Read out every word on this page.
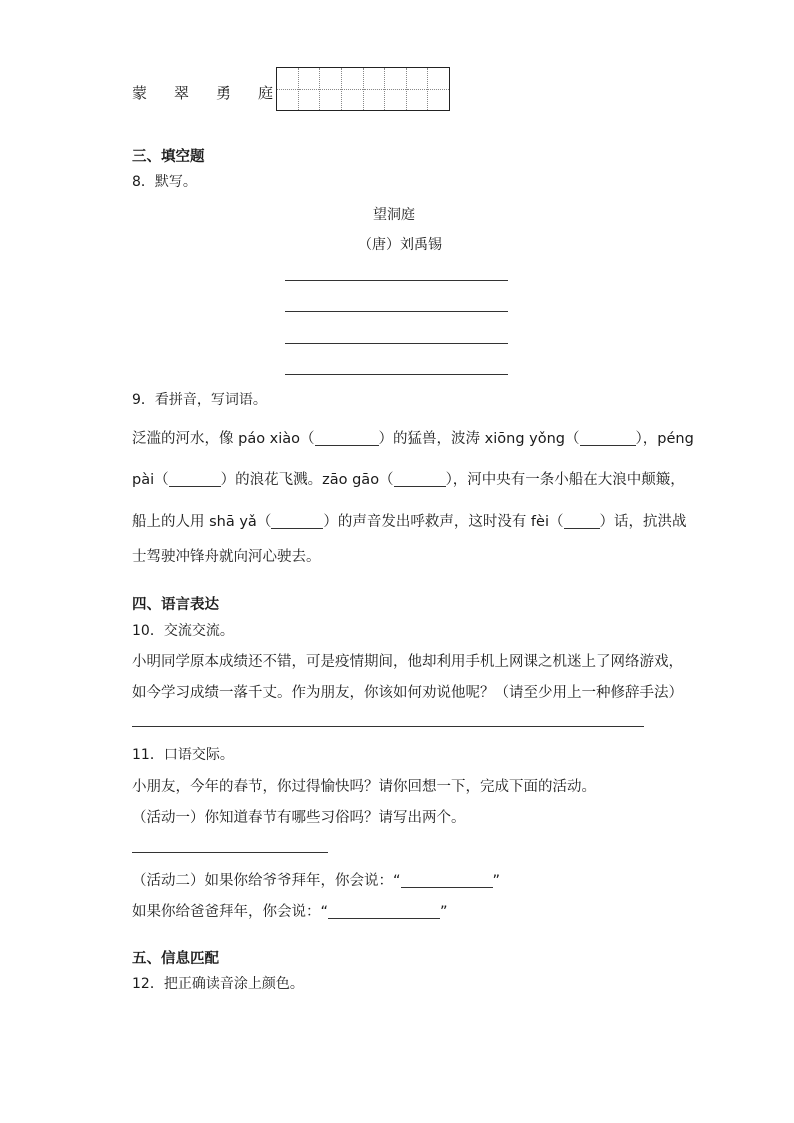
蒙 翠 勇 庭
三、填空题
8．默写。
望洞庭
（唐）刘禹锡
9．看拼音，写词语。
泛滥的河水，像 páo xiào（	）的猛兽，波涛 xiōng yǒng（	），péng
pài（	）的浪花飞溅。zāo gāo（	），河中央有一条小船在大浪中颠簸，
船上的人用 shā yǎ（	）的声音发出呼救声，这时没有 fèi（ ）话，抗洪战
士驾驶冲锋舟就向河心驶去。
四、语言表达
10．交流交流。
小明同学原本成绩还不错，可是疫情期间，他却利用手机上网课之机迷上了网络游戏，
如今学习成绩一落千丈。作为朋友，你该如何劝说他呢？（请至少用上一种修辞手法）
11．口语交际。
小朋友，今年的春节，你过得愉快吗？请你回想一下，完成下面的活动。
（活动一）你知道春节有哪些习俗吗？请写出两个。
（活动二）如果你给爷爷拜年，你会说：“	”
如果你给爸爸拜年，你会说：“	”
五、信息匹配
12．把正确读音涂上颜色。
